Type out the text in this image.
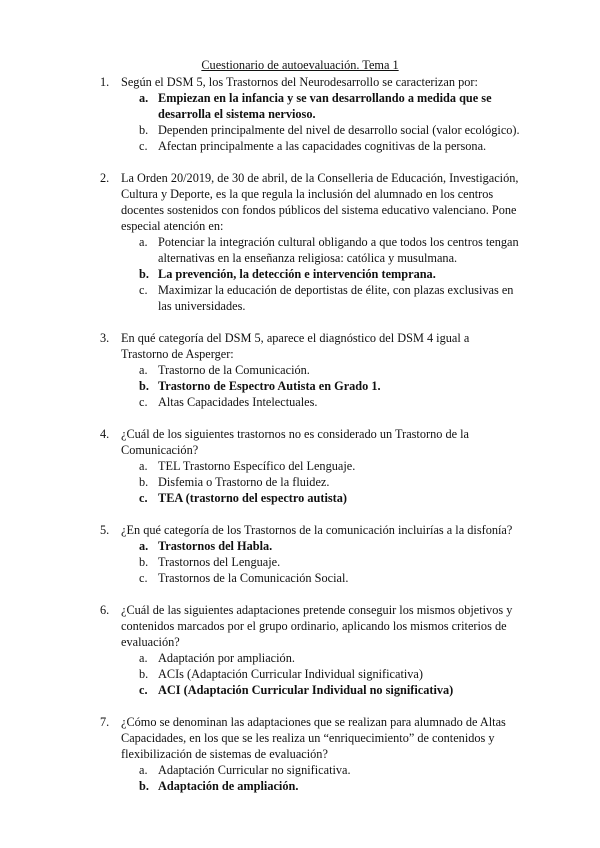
Cuestionario de autoevaluación. Tema 1
1. Según el DSM 5, los Trastornos del Neurodesarrollo se caracterizan por:
a. Empiezan en la infancia y se van desarrollando a medida que se desarrolla el sistema nervioso.
b. Dependen principalmente del nivel de desarrollo social (valor ecológico).
c. Afectan principalmente a las capacidades cognitivas de la persona.
2. La Orden 20/2019, de 30 de abril, de la Conselleria de Educación, Investigación, Cultura y Deporte, es la que regula la inclusión del alumnado en los centros docentes sostenidos con fondos públicos del sistema educativo valenciano. Pone especial atención en:
a. Potenciar la integración cultural obligando a que todos los centros tengan alternativas en la enseñanza religiosa: católica y musulmana.
b. La prevención, la detección e intervención temprana.
c. Maximizar la educación de deportistas de élite, con plazas exclusivas en las universidades.
3. En qué categoría del DSM 5, aparece el diagnóstico del DSM 4 igual a Trastorno de Asperger:
a. Trastorno de la Comunicación.
b. Trastorno de Espectro Autista en Grado 1.
c. Altas Capacidades Intelectuales.
4. ¿Cuál de los siguientes trastornos no es considerado un Trastorno de la Comunicación?
a. TEL Trastorno Específico del Lenguaje.
b. Disfemia o Trastorno de la fluidez.
c. TEA (trastorno del espectro autista)
5. ¿En qué categoría de los Trastornos de la comunicación incluirías a la disfonía?
a. Trastornos del Habla.
b. Trastornos del Lenguaje.
c. Trastornos de la Comunicación Social.
6. ¿Cuál de las siguientes adaptaciones pretende conseguir los mismos objetivos y contenidos marcados por el grupo ordinario, aplicando los mismos criterios de evaluación?
a. Adaptación por ampliación.
b. ACIs (Adaptación Curricular Individual significativa)
c. ACI (Adaptación Curricular Individual no significativa)
7. ¿Cómo se denominan las adaptaciones que se realizan para alumnado de Altas Capacidades, en los que se les realiza un “enriquecimiento” de contenidos y flexibilización de sistemas de evaluación?
a. Adaptación Curricular no significativa.
b. Adaptación de ampliación.
